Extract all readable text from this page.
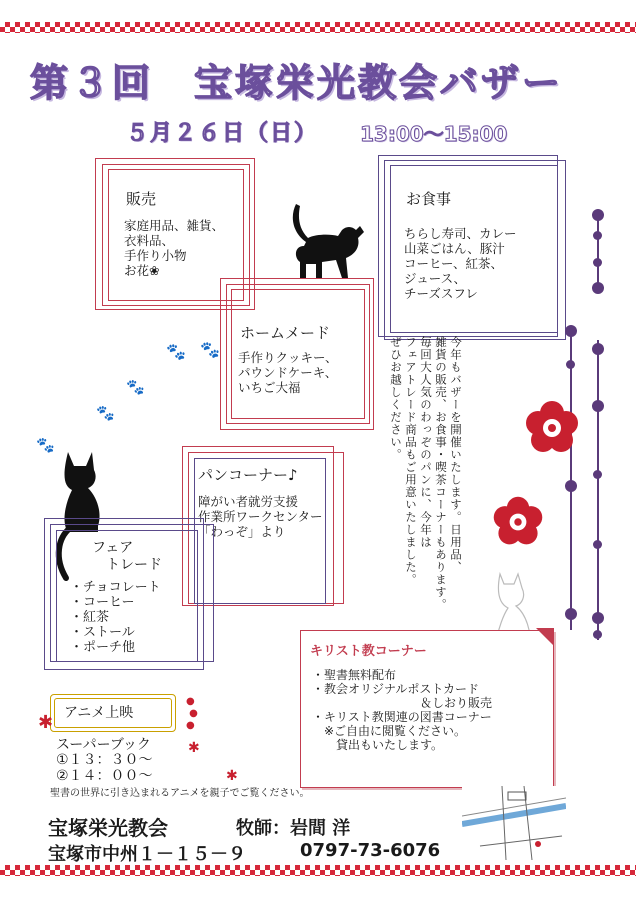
第３回　宝塚栄光教会バザー
５月２６日（日） 13:00～15:00
販売
家庭用品、雑貨、
衣料品、
手作り小物
お花❀
お食事
ちらし寿司、カレー
山菜ごはん、豚汁
コーヒー、紅茶、
ジュース、
チーズスフレ
ホームメード
手作りクッキー、
パウンドケーキ、
いちご大福
🐾 🐾
🐾
🐾
🐾	今年もバザーを開催いたします。日用品、
雑貨の販売、お食事・喫茶コーナーもあります。
毎回大人気のわっぞのパンに、今年は
フェアトレード商品もご用意いたしました。
ぜひお越しください。
パンコーナー♪
障がい者就労支援
作業所ワークセンター
「わっぞ」より
フェア
　トレード
・チョコレート
・コーヒー
・紅茶
・ストール
・ポーチ他	キリスト教コーナー
・聖書無料配布
・教会オリジナルポストカード
　　　　　　　　　＆しおり販売
・キリスト教関連の図書コーナー
　※ご自由に閲覧ください。
　　貸出もいたします。
アニメ上映
✱
●
●
●
✱
✱
スーパーブック
①１３：３０～
②１４：００～
聖書の世界に引き込まれるアニメを親子でご覧ください。
宝塚栄光教会	牧師：岩間 洋
宝塚市中州１－１５－９	0797-73-6076
